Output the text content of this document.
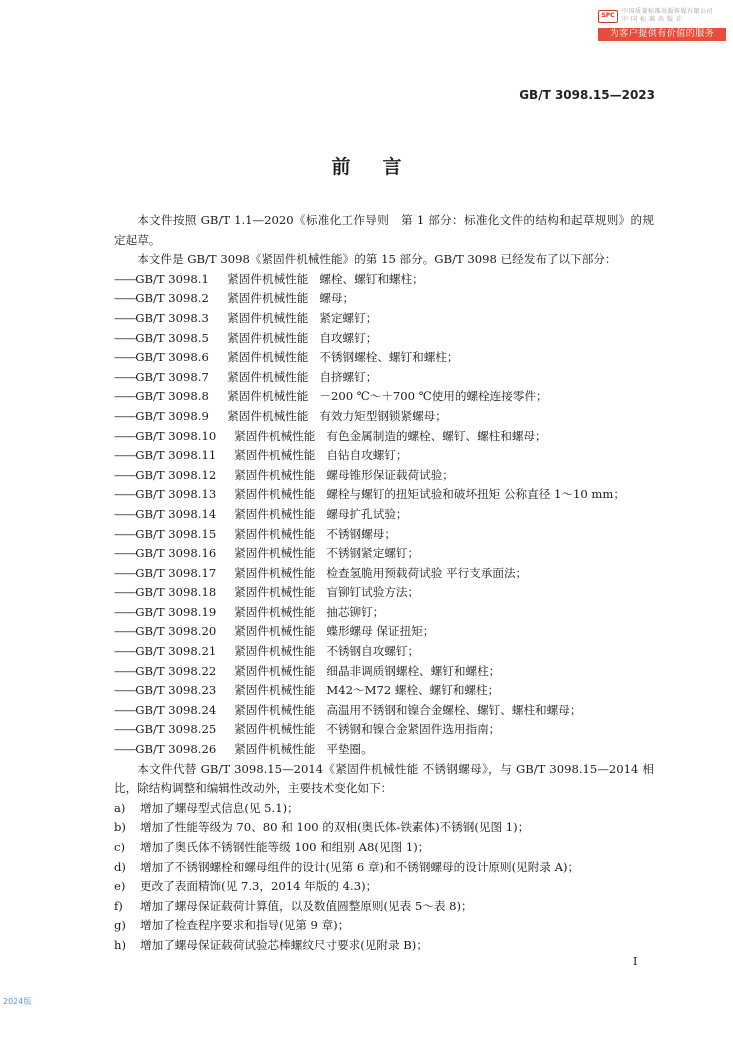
SPC
中国质量标准出版传媒有限公司
中国标准出版社
为客户提供有价值的服务
GB/T 3098.15—2023
前言
本文件按照 GB/T 1.1—2020《标准化工作导则　第 1 部分：标准化文件的结构和起草规则》的规定起草。
本文件是 GB/T 3098《紧固件机械性能》的第 15 部分。GB/T 3098 已经发布了以下部分：
——GB/T 3098.1 紧固件机械性能 螺栓、螺钉和螺柱；
——GB/T 3098.2 紧固件机械性能 螺母；
——GB/T 3098.3 紧固件机械性能 紧定螺钉；
——GB/T 3098.5 紧固件机械性能 自攻螺钉；
——GB/T 3098.6 紧固件机械性能 不锈钢螺栓、螺钉和螺柱；
——GB/T 3098.7 紧固件机械性能 自挤螺钉；
——GB/T 3098.8 紧固件机械性能 －200 ℃～＋700 ℃使用的螺栓连接零件；
——GB/T 3098.9 紧固件机械性能 有效力矩型钢锁紧螺母；
——GB/T 3098.10 紧固件机械性能 有色金属制造的螺栓、螺钉、螺柱和螺母；
——GB/T 3098.11 紧固件机械性能 自钻自攻螺钉；
——GB/T 3098.12 紧固件机械性能 螺母锥形保证载荷试验；
——GB/T 3098.13 紧固件机械性能 螺栓与螺钉的扭矩试验和破坏扭矩 公称直径 1～10 mm；
——GB/T 3098.14 紧固件机械性能 螺母扩孔试验；
——GB/T 3098.15 紧固件机械性能 不锈钢螺母；
——GB/T 3098.16 紧固件机械性能 不锈钢紧定螺钉；
——GB/T 3098.17 紧固件机械性能 检查氢脆用预载荷试验 平行支承面法；
——GB/T 3098.18 紧固件机械性能 盲铆钉试验方法；
——GB/T 3098.19 紧固件机械性能 抽芯铆钉；
——GB/T 3098.20 紧固件机械性能 蝶形螺母 保证扭矩；
——GB/T 3098.21 紧固件机械性能 不锈钢自攻螺钉；
——GB/T 3098.22 紧固件机械性能 细晶非调质钢螺栓、螺钉和螺柱；
——GB/T 3098.23 紧固件机械性能 M42～M72 螺栓、螺钉和螺柱；
——GB/T 3098.24 紧固件机械性能 高温用不锈钢和镍合金螺栓、螺钉、螺柱和螺母；
——GB/T 3098.25 紧固件机械性能 不锈钢和镍合金紧固件选用指南；
——GB/T 3098.26 紧固件机械性能 平垫圈。
本文件代替 GB/T 3098.15—2014《紧固件机械性能 不锈钢螺母》，与 GB/T 3098.15—2014 相比，除结构调整和编辑性改动外，主要技术变化如下：
a) 增加了螺母型式信息(见 5.1)；
b) 增加了性能等级为 70、80 和 100 的双相(奥氏体-铁素体)不锈钢(见图 1)；
c) 增加了奥氏体不锈钢性能等级 100 和组别 A8(见图 1)；
d) 增加了不锈钢螺栓和螺母组件的设计(见第 6 章)和不锈钢螺母的设计原则(见附录 A)；
e) 更改了表面精饰(见 7.3，2014 年版的 4.3)；
f) 增加了螺母保证载荷计算值，以及数值圆整原则(见表 5～表 8)；
g) 增加了检查程序要求和指导(见第 9 章)；
h) 增加了螺母保证载荷试验芯棒螺纹尺寸要求(见附录 B)；
I
2024版
